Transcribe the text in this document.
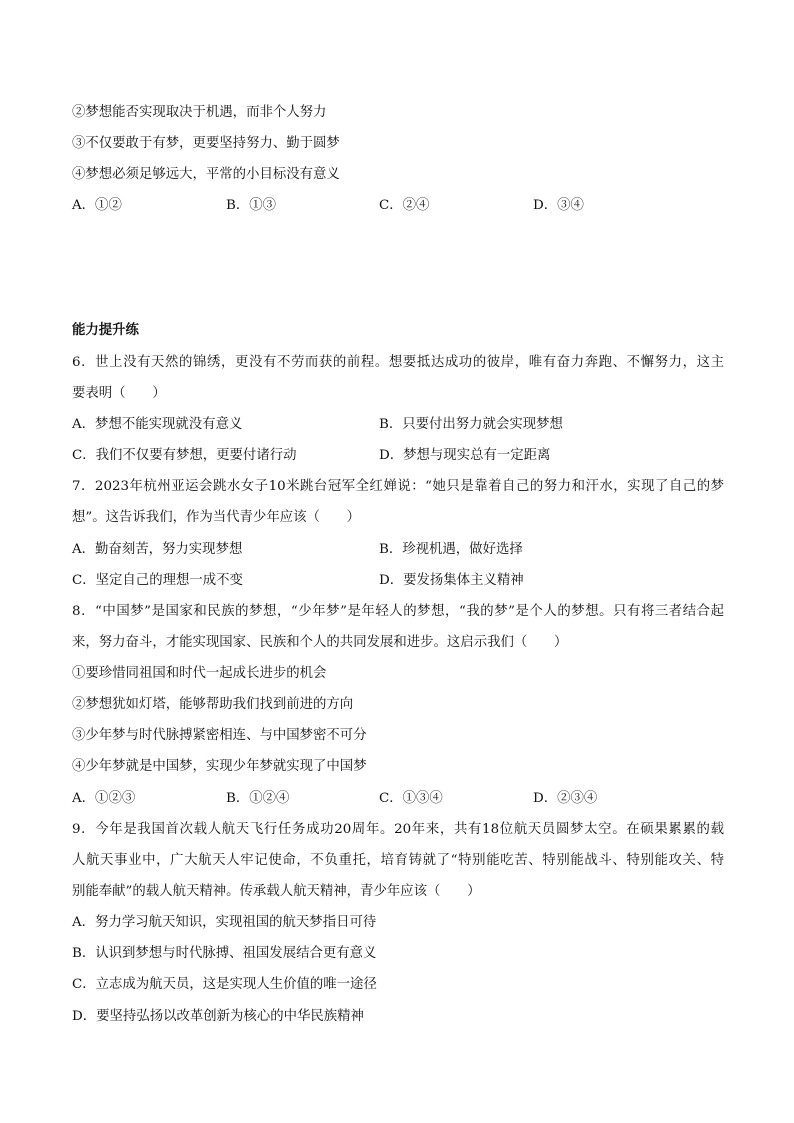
②梦想能否实现取决于机遇，而非个人努力
③不仅要敢于有梦，更要坚持努力、勤于圆梦
④梦想必须足够远大，平常的小目标没有意义
A．①②	B．①③	C．②④	D．③④
能力提升练
6．世上没有天然的锦绣，更没有不劳而获的前程。想要抵达成功的彼岸，唯有奋力奔跑、不懈努力，这主
要表明（　　）
A．梦想不能实现就没有意义	B．只要付出努力就会实现梦想
C．我们不仅要有梦想，更要付诸行动	D．梦想与现实总有一定距离
7．2023年杭州亚运会跳水女子10米跳台冠军全红婵说：“她只是靠着自己的努力和汗水，实现了自己的梦
想”。这告诉我们，作为当代青少年应该（　　）
A．勤奋刻苦，努力实现梦想	B．珍视机遇，做好选择
C．坚定自己的理想一成不变	D．要发扬集体主义精神
8．“中国梦”是国家和民族的梦想，“少年梦”是年轻人的梦想，“我的梦”是个人的梦想。只有将三者结合起
来，努力奋斗，才能实现国家、民族和个人的共同发展和进步。这启示我们（　　）
①要珍惜同祖国和时代一起成长进步的机会
②梦想犹如灯塔，能够帮助我们找到前进的方向
③少年梦与时代脉搏紧密相连、与中国梦密不可分
④少年梦就是中国梦，实现少年梦就实现了中国梦
A．①②③	B．①②④	C．①③④	D．②③④
9．今年是我国首次载人航天飞行任务成功20周年。20年来，共有18位航天员圆梦太空。在硕果累累的载
人航天事业中，广大航天人牢记使命，不负重托，培育铸就了“特别能吃苦、特别能战斗、特别能攻关、特
别能奉献”的载人航天精神。传承载人航天精神，青少年应该（　　）
A．努力学习航天知识，实现祖国的航天梦指日可待
B．认识到梦想与时代脉搏、祖国发展结合更有意义
C．立志成为航天员，这是实现人生价值的唯一途径
D．要坚持弘扬以改革创新为核心的中华民族精神
